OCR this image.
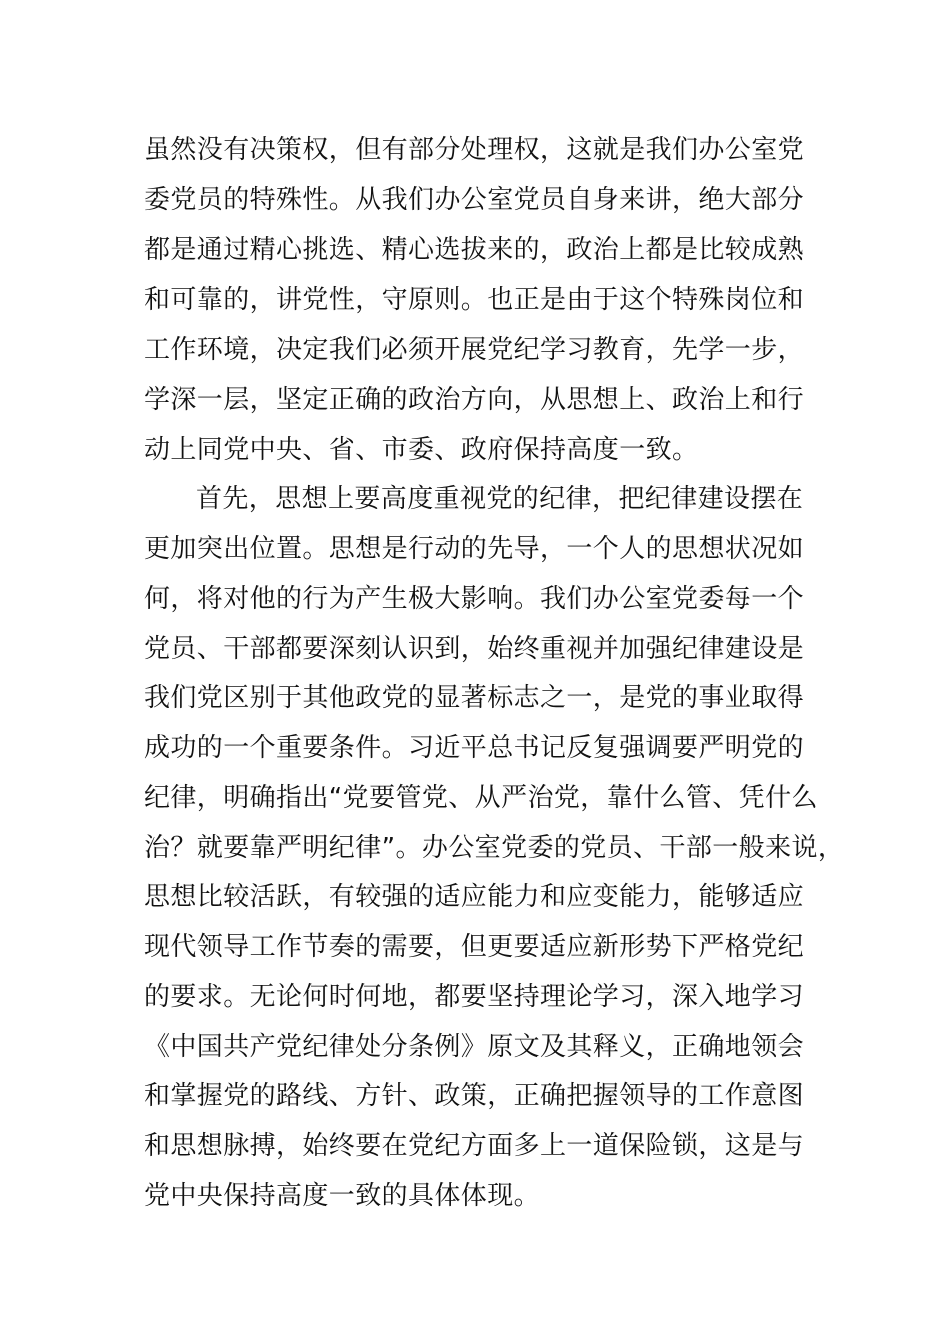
虽然没有决策权，但有部分处理权，这就是我们办公室党
委党员的特殊性。从我们办公室党员自身来讲，绝大部分
都是通过精心挑选、精心选拔来的，政治上都是比较成熟
和可靠的，讲党性，守原则。也正是由于这个特殊岗位和
工作环境，决定我们必须开展党纪学习教育，先学一步，
学深一层，坚定正确的政治方向，从思想上、政治上和行
动上同党中央、省、市委、政府保持高度一致。
首先，思想上要高度重视党的纪律，把纪律建设摆在
更加突出位置。思想是行动的先导，一个人的思想状况如
何，将对他的行为产生极大影响。我们办公室党委每一个
党员、干部都要深刻认识到，始终重视并加强纪律建设是
我们党区别于其他政党的显著标志之一，是党的事业取得
成功的一个重要条件。习近平总书记反复强调要严明党的
纪律，明确指出“党要管党、从严治党，靠什么管、凭什么
治？就要靠严明纪律”。办公室党委的党员、干部一般来说，
思想比较活跃，有较强的适应能力和应变能力，能够适应
现代领导工作节奏的需要，但更要适应新形势下严格党纪
的要求。无论何时何地，都要坚持理论学习，深入地学习
《中国共产党纪律处分条例》原文及其释义，正确地领会
和掌握党的路线、方针、政策，正确把握领导的工作意图
和思想脉搏，始终要在党纪方面多上一道保险锁，这是与
党中央保持高度一致的具体体现。
